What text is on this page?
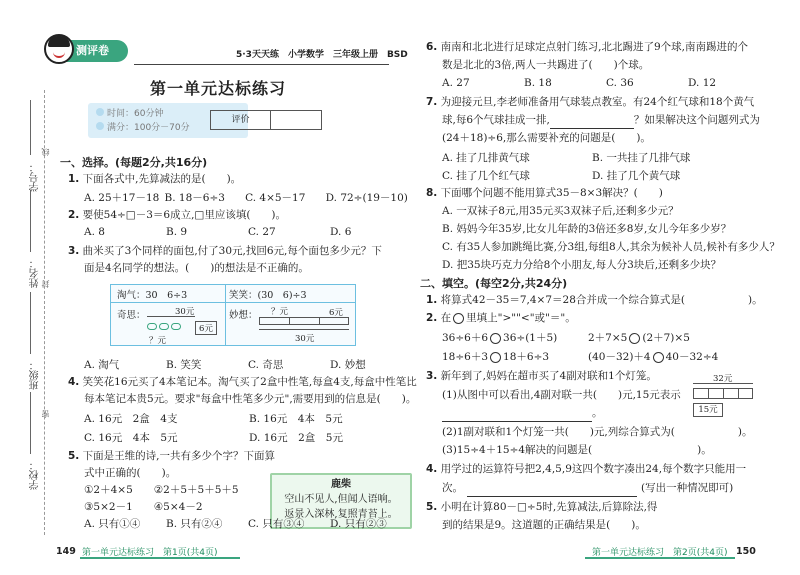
学号：
姓名：
班级：
学校：
线
封
密
测评卷	5·3天天练　小学数学　三年级上册　BSD
第一单元达标练习
时间：60分钟
满分：100分－70分
评价
一、选择。(每题2分,共16分)
1. 下面各式中,先算减法的是(　　)。
A. 25＋17－18 B. 18－6÷3	C. 4×5－17	D. 72÷(19－10)
2. 要使54÷□－3＝6成立,□里应该填(　　)。
A. 8	B. 9	C. 27	D. 6
3. 曲米买了3个同样的面包,付了30元,找回6元,每个面包多少元？下
面是4名同学的想法。(　　)的想法是不正确的。
淘气：30　6÷3	笑笑：(30　6)÷3
奇思：	30元
6元
？元
妙想： ？元	6元
30元
A. 淘气	B. 笑笑	C. 奇思	D. 妙想
4. 笑笑花16元买了4本笔记本。淘气买了2盒中性笔,每盒4支,每盒中性笔比
每本笔记本贵5元。要求"每盒中性笔多少元",需要用到的信息是(　　)。
A. 16元　2盒　4支	B. 16元　4本　5元
C. 16元　4本　5元	D. 16元　2盒　5元
5. 下面是王维的诗,一共有多少个字？下面算
式中正确的(　　)。
①2＋4×5　　②2＋5＋5＋5＋5
③5×2－1　　④5×4－2
鹿柴
空山不见人,但闻人语响。
返景入深林,复照青苔上。
A. 只有①④	B. 只有②④	C. 只有③④	D. 只有②③
6. 南南和北北进行足球定点射门练习,北北踢进了9个球,南南踢进的个
数是北北的3倍,两人一共踢进了(　　)个球。
A. 27	B. 18	C. 36	D. 12
7. 为迎接元旦,李老师准备用气球装点教室。有24个红气球和18个黄气
球,每6个气球挂成一排,	？如果解决这个问题列式为
(24＋18)÷6,那么需要补充的问题是(　　)。
A. 挂了几排黄气球	B. 一共挂了几排气球
C. 挂了几个红气球	D. 挂了几个黄气球
8. 下面哪个问题不能用算式35－8×3解决？(　　)
A. 一双袜子8元,用35元买3双袜子后,还剩多少元？
B. 妈妈今年35岁,比女儿年龄的3倍还多8岁,女儿今年多少岁？
C. 有35人参加跳绳比赛,分3组,每组8人,其余为候补人员,候补有多少人？
D. 把35块巧克力分给8个小朋友,每人分3块后,还剩多少块？
二、填空。(每空2分,共24分)
1. 将算式42－35＝7,4×7＝28合并成一个综合算式是(　　　　　　)。
2. 在 里填上">""<"或"＝"。
36÷6＋6 36÷(1＋5)	2＋7×5 (2＋7)×5
18÷6＋3 18＋6÷3	(40－32)＋4 40－32÷4
3. 新年到了,妈妈在超市买了4副对联和1个灯笼。
(1)从图中可以看出,4副对联一共(　　)元,15元表示
。
32元
15元
(2)1副对联和1个灯笼一共(　　)元,列综合算式为(　　　　　　)。
(3)15÷4＋15÷4解决的问题是(　　　　　　　　　　)。
4. 用学过的运算符号把2,4,5,9这四个数字凑出24,每个数字只能用一
次。	(写出一种情况即可)
5. 小明在计算80－□÷5时,先算减法,后算除法,得
到的结果是9。这道题的正确结果是(　　)。
149 第一单元达标练习　第1页(共4页)	第一单元达标练习　第2页(共4页) 150
